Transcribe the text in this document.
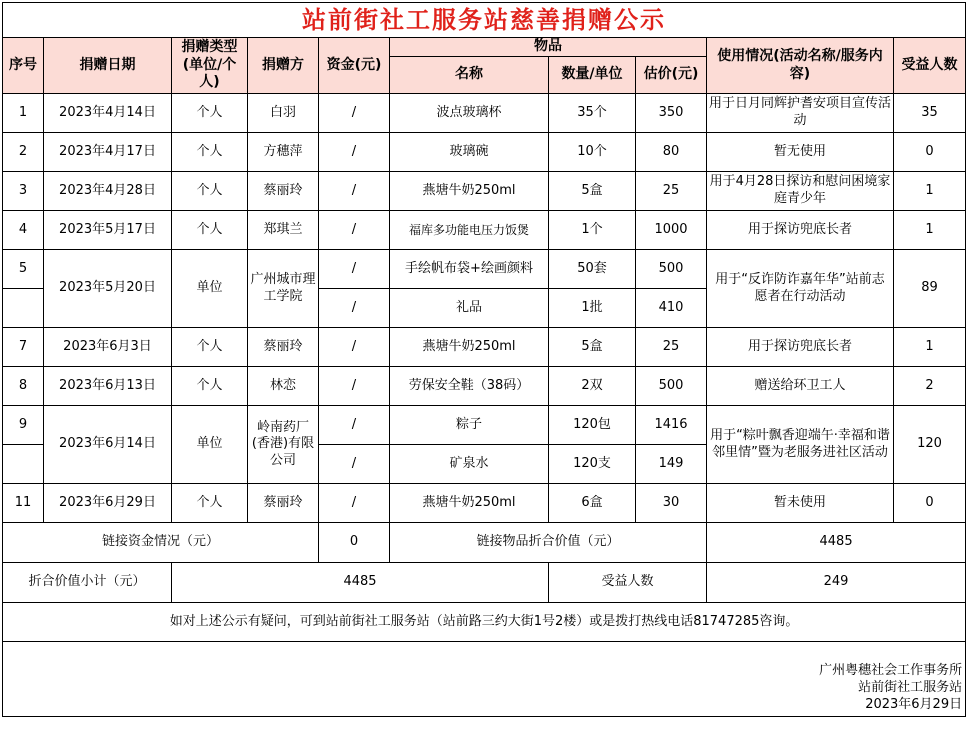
站前街社工服务站慈善捐赠公示									
序号	捐赠日期	捐赠类型(单位/个人)	捐赠方	资金(元)	物品			使用情况(活动名称/服务内容)	受益人数
					名称	数量/单位	估价(元)		
1	2023年4月14日	个人	白羽	/	波点玻璃杯	35个	350	用于日月同辉护耆安项目宣传活动	35
2	2023年4月17日	个人	方穗萍	/	玻璃碗	10个	80	暂无使用	0
3	2023年4月28日	个人	蔡丽玲	/	燕塘牛奶250ml	5盒	25	用于4月28日探访和慰问困境家庭青少年	1
4	2023年5月17日	个人	郑琪兰	/	福库多功能电压力饭煲	1个	1000	用于探访兜底长者	1
5	2023年5月20日	单位	广州城市理工学院	/	手绘帆布袋+绘画颜料	50套	500	用于“反诈防诈嘉年华”站前志愿者在行动活动	89
				/	礼品	1批	410		
7	2023年6月3日	个人	蔡丽玲	/	燕塘牛奶250ml	5盒	25	用于探访兜底长者	1
8	2023年6月13日	个人	林恋	/	劳保安全鞋（38码）	2双	500	赠送给环卫工人	2
9	2023年6月14日	单位	岭南药厂(香港)有限公司	/	粽子	120包	1416	用于“粽叶飘香迎端午·幸福和谐邻里情”暨为老服务进社区活动	120
				/	矿泉水	120支	149		
11	2023年6月29日	个人	蔡丽玲	/	燕塘牛奶250ml	6盒	30	暂未使用	0
链接资金情况（元）				0	链接物品折合价值（元）			4485	
折合价值小计（元）		4485				受益人数		249	
如对上述公示有疑问，可到站前街社工服务站（站前路三约大街1号2楼）或是拨打热线电话81747285咨询。									

广州粤穗社会工作事务所
站前街社工服务站
2023年6月29日									
